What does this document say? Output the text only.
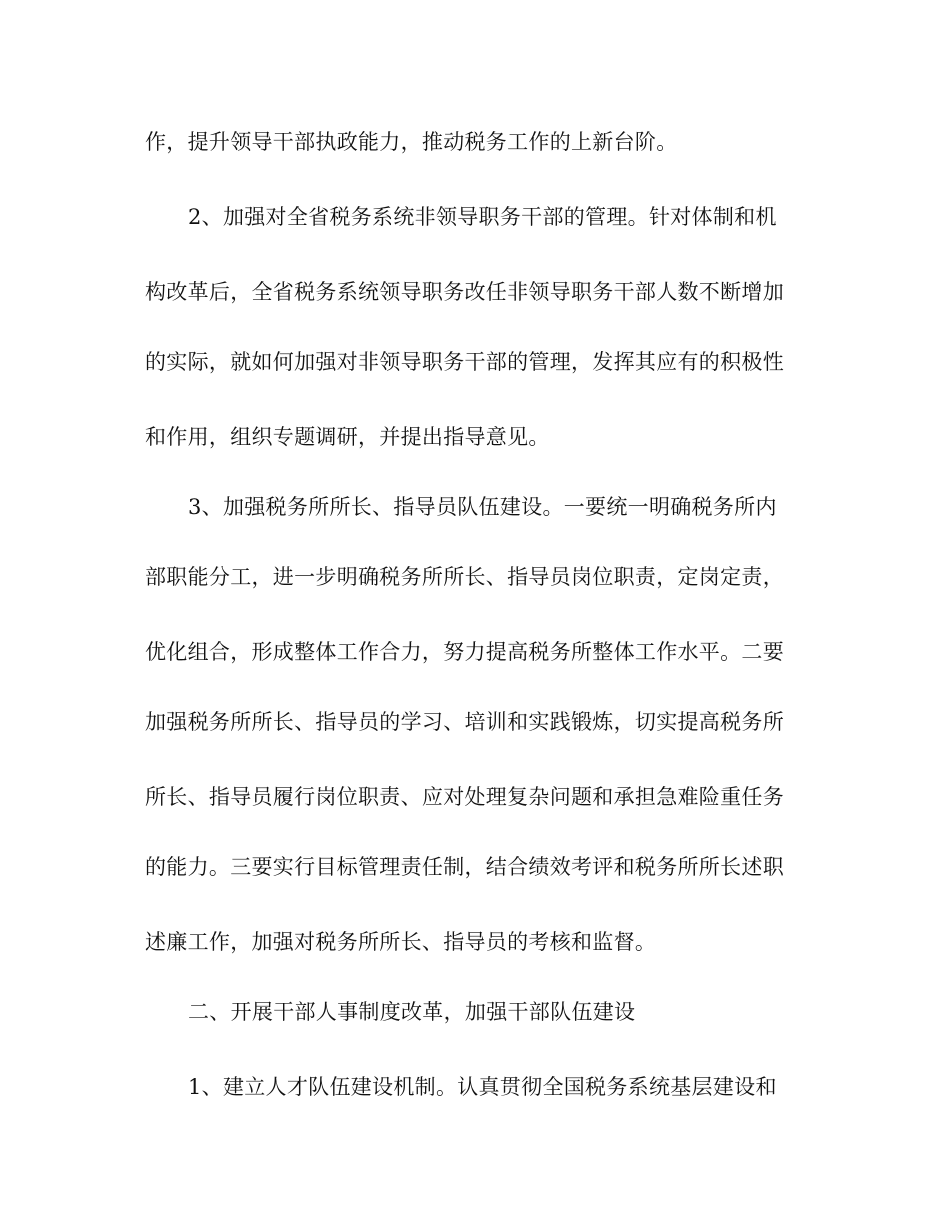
作，提升领导干部执政能力，推动税务工作的上新台阶。

2、加强对全省税务系统非领导职务干部的管理。针对体制和机

构改革后，全省税务系统领导职务改任非领导职务干部人数不断增加

的实际，就如何加强对非领导职务干部的管理，发挥其应有的积极性

和作用，组织专题调研，并提出指导意见。

3、加强税务所所长、指导员队伍建设。一要统一明确税务所内

部职能分工，进一步明确税务所所长、指导员岗位职责，定岗定责，

优化组合，形成整体工作合力，努力提高税务所整体工作水平。二要

加强税务所所长、指导员的学习、培训和实践锻炼，切实提高税务所

所长、指导员履行岗位职责、应对处理复杂问题和承担急难险重任务

的能力。三要实行目标管理责任制，结合绩效考评和税务所所长述职

述廉工作，加强对税务所所长、指导员的考核和监督。

二、开展干部人事制度改革，加强干部队伍建设

1、建立人才队伍建设机制。认真贯彻全国税务系统基层建设和
